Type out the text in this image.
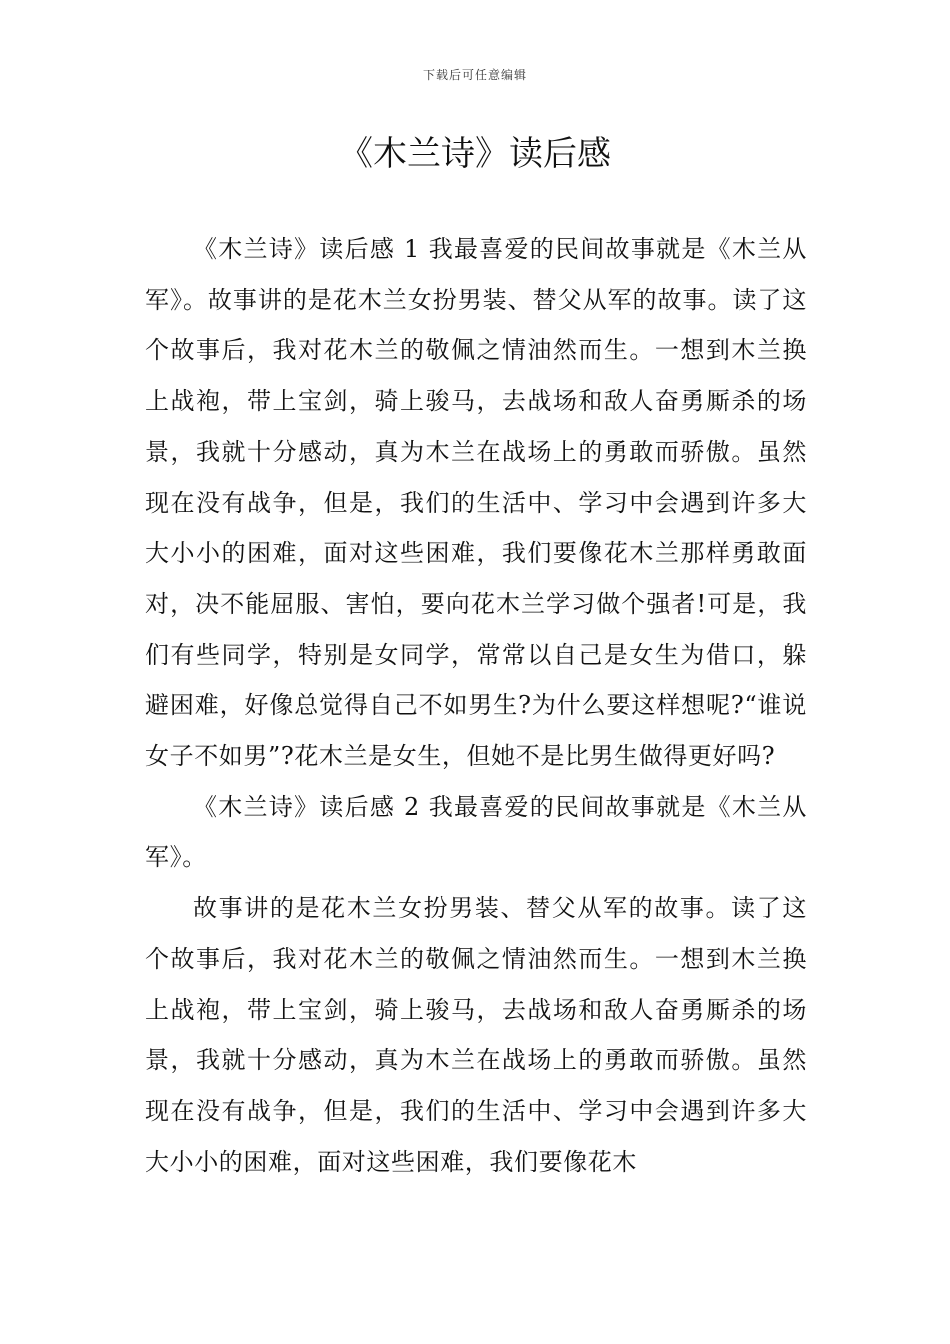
下载后可任意编辑
《木兰诗》读后感

《木兰诗》读后感 1 我最喜爱的民间故事就是《木兰从军》。故事讲的是花木兰女扮男装、替父从军的故事。读了这个故事后，我对花木兰的敬佩之情油然而生。一想到木兰换上战袍，带上宝剑，骑上骏马，去战场和敌人奋勇厮杀的场景，我就十分感动，真为木兰在战场上的勇敢而骄傲。虽然现在没有战争，但是，我们的生活中、学习中会遇到许多大大小小的困难，面对这些困难，我们要像花木兰那样勇敢面对，决不能屈服、害怕，要向花木兰学习做个强者!可是，我们有些同学，特别是女同学，常常以自己是女生为借口，躲避困难，好像总觉得自己不如男生?为什么要这样想呢?“谁说女子不如男”?花木兰是女生，但她不是比男生做得更好吗?

《木兰诗》读后感 2 我最喜爱的民间故事就是《木兰从军》。

故事讲的是花木兰女扮男装、替父从军的故事。读了这个故事后，我对花木兰的敬佩之情油然而生。一想到木兰换上战袍，带上宝剑，骑上骏马，去战场和敌人奋勇厮杀的场景，我就十分感动，真为木兰在战场上的勇敢而骄傲。虽然现在没有战争，但是，我们的生活中、学习中会遇到许多大大小小的困难，面对这些困难，我们要像花木
